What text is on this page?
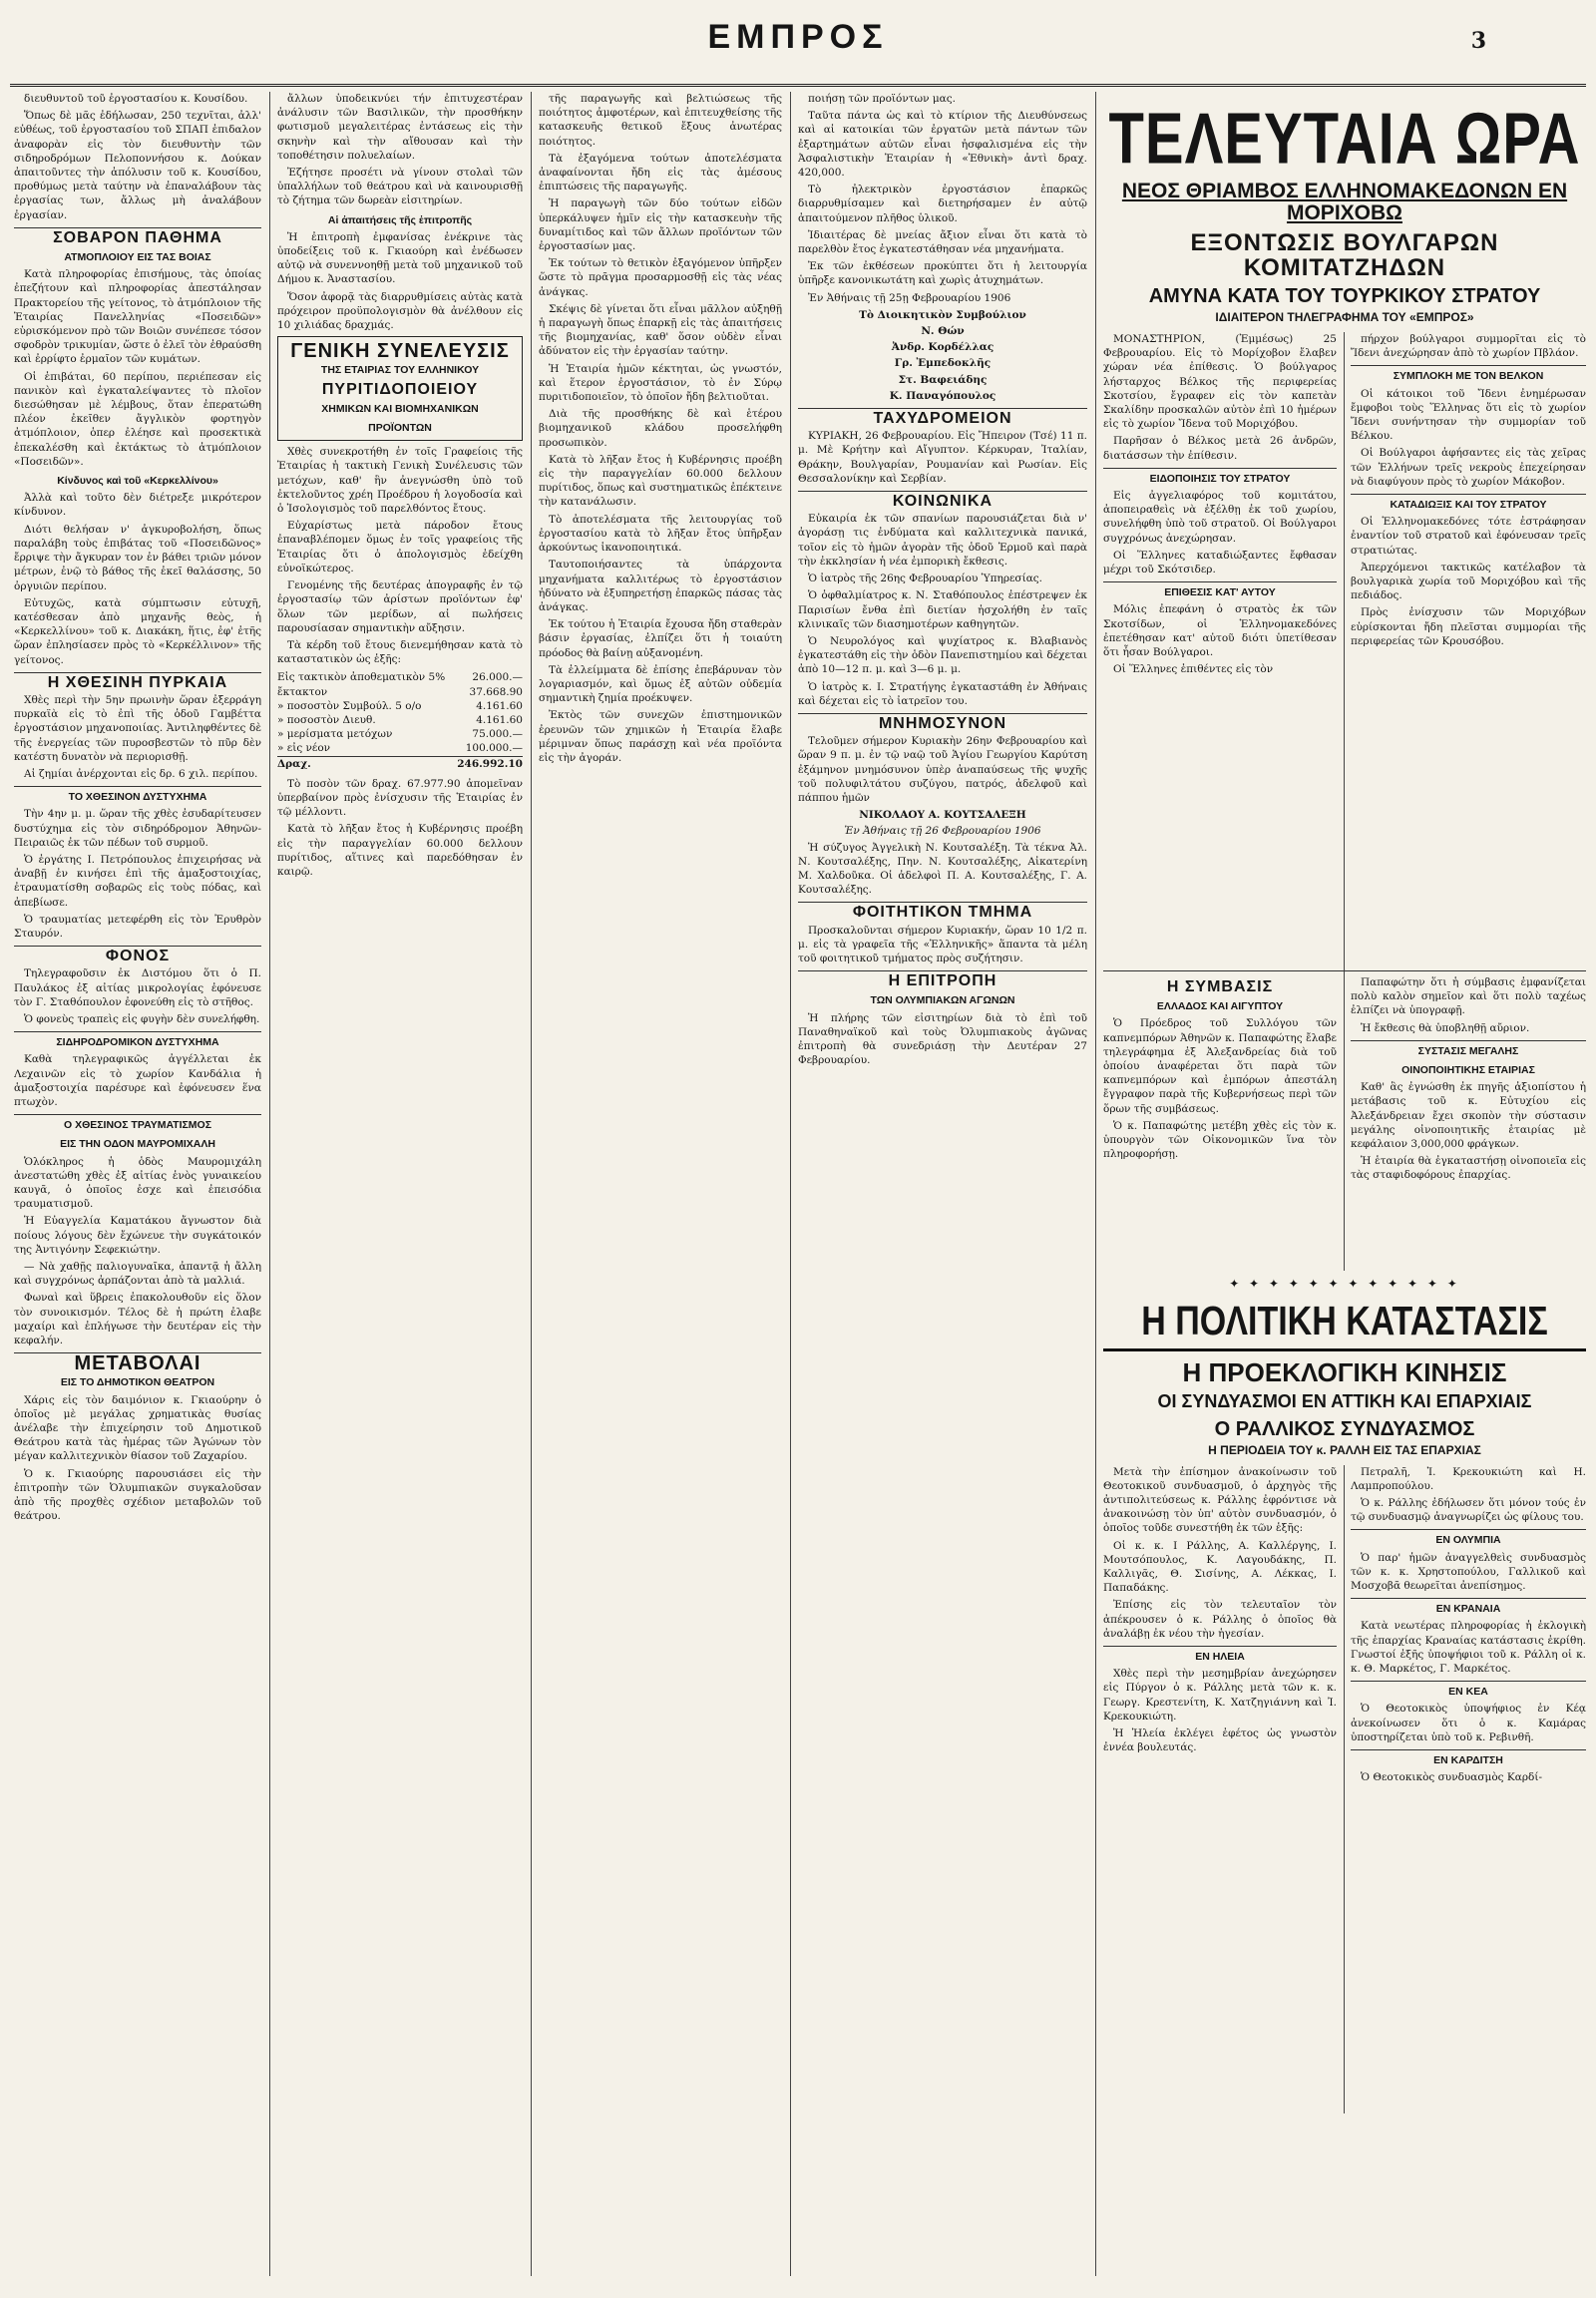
ΕΜΠΡΟΣ	3

διευθυντοῦ τοῦ ἐργοστασίου κ. Κουσίδου.

Ὅπως δὲ μᾶς ἐδήλωσαν, 250 τεχνῖται, ἀλλ' εὐθέως, τοῦ ἐργοστασίου τοῦ ΣΠΑΠ ἐπιδαλον ἀναφορὰν εἰς τὸν διευθυντὴν τῶν σιδηροδρόμων Πελοποννήσου κ. Δούκαν ἀπαιτοῦντες τὴν ἀπόλυσιν τοῦ κ. Κουσίδου, προθύμως μετὰ ταύτην νὰ ἐπαναλάβουν τὰς ἐργασίας των, ἄλλως μὴ ἀναλάβουν ἐργασίαν.

ΣΟΒΑΡΟΝ ΠΑΘΗΜΑ
ΑΤΜΟΠΛΟΙΟΥ ΕΙΣ ΤΑΣ ΒΟΙΑΣ

Κατὰ πληροφορίας ἐπισήμους, τὰς ὁποίας ἐπεζήτουν καὶ πληροφορίας ἀπεστάλησαν Πρακτορείου τῆς γείτονος, τὸ ἀτμόπλοιον τῆς Ἑταιρίας Πανελληνίας «Ποσειδῶν» εὑρισκόμενον πρὸ τῶν Βοιῶν συνέπεσε τόσον σφοδρὸν τρικυμίαν, ὥστε ὁ ἐλεῖ τὸν ἐθραύσθη καὶ ἐρρίφτο ἐρμαῖον τῶν κυμάτων.

Οἱ ἐπιβάται, 60 περίπου, περιέπεσαν εἰς πανικὸν καὶ ἐγκαταλείψαντες τὸ πλοῖον διεσώθησαν μὲ λέμβους, ὅταν ἐπερατώθη πλέον ἐκεῖθεν ἄγγλικὸν φορτηγὸν ἀτμόπλοιον, ὁπερ ἐλέησε καὶ προσεκτικὰ ἐπεκαλέσθη καὶ ἐκτάκτως τὸ ἀτμόπλοιον «Ποσειδῶν».

Κίνδυνος καὶ τοῦ «Κερκελλίνου»

Ἀλλὰ καὶ τοῦτο δὲν διέτρεξε μικρότερον κίνδυνον.

Διότι θελήσαν ν' ἀγκυροβολήση, ὅπως παραλάβη τοὺς ἐπιβάτας τοῦ «Ποσειδῶνος» ἔρριψε τὴν ἄγκυραν τον ἐν βάθει τριῶν μόνον μέτρων, ἐνῷ τὸ βάθος τῆς ἐκεῖ θαλάσσης, 50 ὀργυιῶν περίπου.

Εὐτυχῶς, κατὰ σύμπτωσιν εὐτυχῆ, κατέσθεσαν ἀπὸ μηχανῆς θεὸς, ἡ «Κερκελλίνου» τοῦ κ. Διακάκη, ἥτις, ἐφ' ἐτῆς ὥραν ἐπλησίασεν πρὸς τὸ «Κερκέλλινον» τῆς γείτονος.

Η ΧΘΕΣΙΝΗ ΠΥΡΚΑΙΑ

Χθὲς περὶ τὴν 5ην πρωινὴν ὥραν ἐξερράγη πυρκαϊὰ εἰς τὸ ἐπὶ τῆς ὁδοῦ Γαμβέττα ἐργοστάσιον μηχανοποιίας. Ἀντιληφθέντες δὲ τῆς ἐνεργείας τῶν πυροσβεστῶν τὸ πῦρ δὲν κατέστη δυνατὸν νὰ περιορισθῇ.

Αἱ ζημίαι ἀνέρχονται εἰς δρ. 6 χιλ. περίπου.

ΤΟ ΧΘΕΣΙΝΟΝ ΔΥΣΤΥΧΗΜΑ

Τὴν 4ην μ. μ. ὥραν τῆς χθὲς ἐσυδαρίτευσεν δυστύχημα εἰς τὸν σιδηρόδρομον Ἀθηνῶν-Πειραιῶς ἐκ τῶν πέδων τοῦ συρμοῦ.

Ὁ ἐργάτης Ι. Πετρόπουλος ἐπιχειρήσας νὰ ἀναβῇ ἐν κινήσει ἐπὶ τῆς ἁμαξοστοιχίας, ἐτραυματίσθη σοβαρῶς εἰς τοὺς πόδας, καὶ ἀπεβίωσε.

Ὁ τραυματίας μετεφέρθη εἰς τὸν Ἐρυθρὸν Σταυρόν.

ΦΟΝΟΣ

Τηλεγραφοῦσιν ἐκ Διστόμου ὅτι ὁ Π. Παυλάκος ἐξ αἰτίας μικρολογίας ἐφόνευσε τὸν Γ. Σταθόπουλον ἐφονεύθη εἰς τὸ στῆθος.

Ὁ φονεὺς τραπεὶς εἰς φυγὴν δὲν συνελήφθη.

ΣΙΔΗΡΟΔΡΟΜΙΚΟΝ ΔΥΣΤΥΧΗΜΑ

Καθὰ τηλεγραφικῶς ἀγγέλλεται ἐκ Λεχαινῶν εἰς τὸ χωρίον Κανδάλια ἡ ἁμαξοστοιχία παρέσυρε καὶ ἐφόνευσεν ἕνα πτωχὸν.

Ο ΧΘΕΣΙΝΟΣ ΤΡΑΥΜΑΤΙΣΜΟΣ
ΕΙΣ ΤΗΝ ΟΔΟΝ ΜΑΥΡΟΜΙΧΑΛΗ

Ὁλόκληρος ἡ ὁδὸς Μαυρομιχάλη ἀνεστατώθη χθὲς ἐξ αἰτίας ἑνὸς γυναικείου καυγᾶ, ὁ ὁποῖος ἐσχε καὶ ἐπεισόδια τραυματισμοῦ.

Ἡ Εὐαγγελία Καματάκου ἄγνωστον διὰ ποίους λόγους δὲν ἔχώνευε τὴν συγκάτοικόν της Ἀντιγόνην Σεφεκιώτην.

— Νὰ χαθῇς παλιογυναῖκα, ἀπαντᾷ ἡ ἄλλη καὶ συγχρόνως ἀρπάζονται ἀπὸ τὰ μαλλιά.

Φωναὶ καὶ ὕβρεις ἐπακολουθοῦν εἰς ὅλον τὸν συνοικισμόν. Τέλος δὲ ἡ πρώτη ἐλαβε μαχαίρι καὶ ἐπλήγωσε τὴν δευτέραν εἰς τὴν κεφαλήν.

ΜΕΤΑΒΟΛΑΙ
ΕΙΣ ΤΟ ΔΗΜΟΤΙΚΟΝ ΘΕΑΤΡΟΝ

Χάρις εἰς τὸν δαιμόνιον κ. Γκιαούρην ὁ ὁποῖος μὲ μεγάλας χρηματικὰς θυσίας ἀνέλαβε τὴν ἐπιχείρησιν τοῦ Δημοτικοῦ Θεάτρου κατὰ τὰς ἡμέρας τῶν Ἀγώνων τὸν μέγαν καλλιτεχνικὸν θίασον τοῦ Ζαχαρίου.

Ὁ κ. Γκιαούρης παρουσιάσει εἰς τὴν ἐπιτροπὴν τῶν Ὀλυμπιακῶν συγκαλοῦσαν ἀπὸ τῆς προχθὲς σχέδιον μεταβολῶν τοῦ θεάτρου.

ἄλλων ὑποδεικνύει τήν ἐπιτυχεστέραν ἀνάλυσιν τῶν Βασιλικῶν, τὴν προσθήκην φωτισμοῦ μεγαλειτέρας ἐντάσεως εἰς τὴν σκηνὴν καὶ τὴν αἴθουσαν καὶ τὴν τοποθέτησιν πολυελαίων.

Ἐζήτησε προσέτι νὰ γίνουν στολαὶ τῶν ὑπαλλήλων τοῦ θεάτρου καὶ νὰ καινουρισθῇ τὸ ζήτημα τῶν δωρεὰν εἰσιτηρίων.

Αἱ ἀπαιτήσεις τῆς ἐπιτροπῆς

Ἡ ἐπιτροπὴ ἐμφανίσας ἐνέκρινε τὰς ὑποδείξεις τοῦ κ. Γκιαούρη καὶ ἐνέδωσεν αὐτῷ νὰ συνεννοηθῇ μετὰ τοῦ μηχανικοῦ τοῦ Δήμου κ. Ἀναστασίου.

Ὅσον ἀφορᾷ τὰς διαρρυθμίσεις αὐτὰς κατὰ πρόχειρον προϋπολογισμὸν θὰ ἀνέλθουν εἰς 10 χιλιάδας δραχμάς.

ΓΕΝΙΚΗ ΣΥΝΕΛΕΥΣΙΣ
ΤΗΣ ΕΤΑΙΡΙΑΣ ΤΟΥ ΕΛΛΗΝΙΚΟΥ
ΠΥΡΙΤΙΔΟΠΟΙΕΙΟΥ
ΧΗΜΙΚΩΝ ΚΑΙ ΒΙΟΜΗΧΑΝΙΚΩΝ
ΠΡΟΪΟΝΤΩΝ

Χθὲς συνεκροτήθη ἐν τοῖς Γραφείοις τῆς Ἑταιρίας ἡ τακτικὴ Γενικὴ Συνέλευσις τῶν μετόχων, καθ' ἣν ἀνεγνώσθη ὑπὸ τοῦ ἐκτελοῦντος χρέη Προέδρου ἡ λογοδοσία καὶ ὁ Ἰσολογισμὸς τοῦ παρελθόντος ἔτους.

Εὐχαρίστως μετὰ πάροδον ἔτους ἐπαναβλέπομεν ὅμως ἐν τοῖς γραφείοις τῆς Ἑταιρίας ὅτι ὁ ἀπολογισμὸς ἐδείχθη εὐνοϊκώτερος.

Γενομένης τῆς δευτέρας ἀπογραφῆς ἐν τῷ ἐργοστασίῳ τῶν ἀρίστων προϊόντων ἐφ' ὅλων τῶν μερίδων, αἱ πωλήσεις παρουσίασαν σημαντικὴν αὔξησιν.

Τὰ κέρδη τοῦ ἔτους διενεμήθησαν κατὰ τὸ καταστατικὸν ὡς ἑξῆς:

Εἰς τακτικὸν ἀποθεματικὸν 5%	26.000.—
ἔκτακτον	37.668.90
» ποσοστὸν Συμβούλ. 5 ο/ο	4.161.60
» ποσοστὸν Διευθ.	4.161.60
» μερίσματα μετόχων	75.000.—
» εἰς νέον	100.000.—
Δραχ.	246.992.10

Τὸ ποσὸν τῶν δραχ. 67.977.90 ἀπομεῖναν ὑπερβαίνον πρὸς ἐνίσχυσιν τῆς Ἑταιρίας ἐν τῷ μέλλοντι.

Κατὰ τὸ λῆξαν ἔτος ἡ Κυβέρνησις προέβη εἰς τὴν παραγγελίαν 60.000 δελλουν πυρίτιδος, αἵτινες καὶ παρεδόθησαν ἐν καιρῷ.

τῆς παραγωγῆς καὶ βελτιώσεως τῆς ποιότητος ἀμφοτέρων, καὶ ἐπιτευχθείσης τῆς κατασκευῆς θετικοῦ ἔξους ἀνωτέρας ποιότητος.

Τὰ ἐξαγόμενα τούτων ἀποτελέσματα ἀναφαίνονται ἤδη εἰς τὰς ἀμέσους ἐπιπτώσεις τῆς παραγωγῆς.

Ἡ παραγωγὴ τῶν δύο τούτων εἰδῶν ὑπερκάλυψεν ἡμῖν εἰς τὴν κατασκευὴν τῆς δυναμίτιδος καὶ τῶν ἄλλων προϊόντων τῶν ἐργοστασίων μας.

Ἐκ τούτων τὸ θετικὸν ἐξαγόμενον ὑπῆρξεν ὥστε τὸ πρᾶγμα προσαρμοσθῇ εἰς τὰς νέας ἀνάγκας.

Σκέψις δὲ γίνεται ὅτι εἶναι μᾶλλον αὐξηθῇ ἡ παραγωγὴ ὅπως ἐπαρκῇ εἰς τὰς ἀπαιτήσεις τῆς βιομηχανίας, καθ' ὅσον οὐδὲν εἶναι ἀδύνατον εἰς τὴν ἐργασίαν ταύτην.

Ἡ Ἑταιρία ἡμῶν κέκτηται, ὡς γνωστόν, καὶ ἕτερον ἐργοστάσιον, τὸ ἐν Σύρῳ πυριτιδοποιεῖον, τὸ ὁποῖον ἤδη βελτιοῦται.

Διὰ τῆς προσθήκης δὲ καὶ ἑτέρου βιομηχανικοῦ κλάδου προσελήφθη προσωπικὸν.

Κατὰ τὸ λῆξαν ἔτος ἡ Κυβέρνησις προέβη εἰς τὴν παραγγελίαν 60.000 δελλουν πυρίτιδος, ὅπως καὶ συστηματικῶς ἐπέκτεινε τὴν κατανάλωσιν.

Τὸ ἀποτελέσματα τῆς λειτουργίας τοῦ ἐργοστασίου κατὰ τὸ λῆξαν ἔτος ὑπῆρξαν ἀρκούντως ἱκανοποιητικά.

Ταυτοποιήσαντες τὰ ὑπάρχοντα μηχανήματα καλλιτέρως τὸ ἐργοστάσιον ἠδύνατο νὰ ἐξυπηρετήσῃ ἐπαρκῶς πάσας τὰς ἀνάγκας.

Ἐκ τούτου ἡ Ἑταιρία ἔχουσα ἤδη σταθερὰν βάσιν ἐργασίας, ἐλπίζει ὅτι ἡ τοιαύτη πρόοδος θὰ βαίνῃ αὐξανομένη.

Τὰ ἐλλείμματα δὲ ἐπίσης ἐπεβάρυναν τὸν λογαριασμόν, καὶ ὅμως ἐξ αὐτῶν οὐδεμία σημαντικὴ ζημία προέκυψεν.

Ἐκτὸς τῶν συνεχῶν ἐπιστημονικῶν ἐρευνῶν τῶν χημικῶν ἡ Ἑταιρία ἔλαβε μέριμναν ὅπως παράσχῃ καὶ νέα προϊόντα εἰς τὴν ἀγοράν.

ποιήσῃ τῶν προϊόντων μας.

Ταῦτα πάντα ὡς καὶ τὸ κτίριον τῆς Διευθύνσεως καὶ αἱ κατοικίαι τῶν ἐργατῶν μετὰ πάντων τῶν ἐξαρτημάτων αὐτῶν εἶναι ἠσφαλισμένα εἰς τὴν Ἀσφαλιστικὴν Ἑταιρίαν ἡ «Ἐθνικὴ» ἀντὶ δραχ. 420,000.

Τὸ ἠλεκτρικὸν ἐργοστάσιον ἐπαρκῶς διαρρυθμίσαμεν καὶ διετηρήσαμεν ἐν αὐτῷ ἀπαιτούμενον πλῆθος ὑλικοῦ.

Ἰδιαιτέρας δὲ μνείας ἄξιον εἶναι ὅτι κατὰ τὸ παρελθὸν ἔτος ἐγκατεστάθησαν νέα μηχανήματα.

Ἐκ τῶν ἐκθέσεων προκύπτει ὅτι ἡ λειτουργία ὑπῆρξε κανονικωτάτη καὶ χωρὶς ἀτυχημάτων.

Ἐν Ἀθήναις τῇ 25ῃ Φεβρουαρίου 1906

Τὸ Διοικητικὸν Συμβούλιον
Ν. Θών
Ἀνδρ. Κορδέλλας
Γρ. Ἐμπεδοκλῆς
Στ. Βαφειάδης
Κ. Παναγόπουλος
ΤΑΧΥΔΡΟΜΕΙΟΝ

ΚΥΡΙΑΚΗ, 26 Φεβρουαρίου. Εἰς Ἤπειρον (Τσέ) 11 π. μ. Μὲ Κρήτην καὶ Αἴγυπτον. Κέρκυραν, Ἰταλίαν, Θράκην, Βουλγαρίαν, Ρουμανίαν καὶ Ρωσίαν. Εἰς Θεσσαλονίκην καὶ Σερβίαν.

ΚΟΙΝΩΝΙΚΑ

Εὐκαιρία ἐκ τῶν σπανίων παρουσιάζεται διὰ ν' ἀγοράσῃ τις ἐνδύματα καὶ καλλιτεχνικὰ πανικά, τοῖον εἰς τὸ ἡμῶν ἀγορὰν τῆς ὁδοῦ Ἑρμοῦ καὶ παρὰ τὴν ἐκκλησίαν ἡ νέα ἐμπορικὴ ἔκθεσις.

Ὁ ἰατρὸς τῆς 26ης Φεβρουαρίου Ὑπηρεσίας.

Ὁ ὀφθαλμίατρος κ. Ν. Σταθόπουλος ἐπέστρεψεν ἐκ Παρισίων ἔνθα ἐπὶ διετίαν ἠσχολήθη ἐν ταῖς κλινικαῖς τῶν διασημοτέρων καθηγητῶν.

Ὁ Νευρολόγος καὶ ψυχίατρος κ. Βλαβιανὸς ἐγκατεστάθη εἰς τὴν ὁδὸν Πανεπιστημίου καὶ δέχεται ἀπὸ 10—12 π. μ. καὶ 3—6 μ. μ.

Ὁ ἰατρὸς κ. Ι. Στρατήγης ἐγκαταστάθη ἐν Ἀθήναις καὶ δέχεται εἰς τὸ ἰατρεῖον του.

ΜΝΗΜΟΣΥΝΟΝ

Τελοῦμεν σήμερον Κυριακὴν 26ην Φεβρουαρίου καὶ ὥραν 9 π. μ. ἐν τῷ ναῷ τοῦ Ἁγίου Γεωργίου Καρύτση ἐξάμηνον μνημόσυνον ὑπὲρ ἀναπαύσεως τῆς ψυχῆς τοῦ πολυφιλτάτου συζύγου, πατρός, ἀδελφοῦ καὶ πάππου ἡμῶν

ΝΙΚΟΛΑΟΥ Α. ΚΟΥΤΣΑΛΕΞΗ
Ἐν Ἀθήναις τῇ 26 Φεβρουαρίου 1906

Ἡ σύζυγος Ἀγγελικὴ Ν. Κουτσαλέξη. Τὰ τέκνα Ἀλ. Ν. Κουτσαλέξης, Πην. Ν. Κουτσαλέξης, Αἰκατερίνη Μ. Χαλδοῦκα. Οἱ ἀδελφοὶ Π. Α. Κουτσαλέξης, Γ. Α. Κουτσαλέξης.

ΦΟΙΤΗΤΙΚΟΝ ΤΜΗΜΑ

Προσκαλοῦνται σήμερον Κυριακήν, ὥραν 10 1/2 π. μ. εἰς τὰ γραφεῖα τῆς «Ἑλληνικῆς» ἅπαντα τὰ μέλη τοῦ φοιτητικοῦ τμήματος πρὸς συζήτησιν.

Η ΕΠΙΤΡΟΠΗ
ΤΩΝ ΟΛΥΜΠΙΑΚΩΝ ΑΓΩΝΩΝ

Ἡ πλήρης τῶν εἰσιτηρίων διὰ τὸ ἐπὶ τοῦ Παναθηναϊκοῦ καὶ τοὺς Ὀλυμπιακοὺς ἀγῶνας ἐπιτροπὴ θὰ συνεδριάσῃ τὴν Δευτέραν 27 Φεβρουαρίου.

ΤΕΛΕΥΤΑΙΑ ΩΡΑ
ΝΕΟΣ ΘΡΙΑΜΒΟΣ ΕΛΛΗΝΟΜΑΚΕΔΟΝΩΝ ΕΝ ΜΟΡΙΧΟΒΩ
ΕΞΟΝΤΩΣΙΣ ΒΟΥΛΓΑΡΩΝ ΚΟΜΙΤΑΤΖΗΔΩΝ
ΑΜΥΝΑ ΚΑΤΑ ΤΟΥ ΤΟΥΡΚΙΚΟΥ ΣΤΡΑΤΟΥ
ΙΔΙΑΙΤΕΡΟΝ ΤΗΛΕΓΡΑΦΗΜΑ ΤΟΥ «ΕΜΠΡΟΣ»

ΜΟΝΑΣΤΗΡΙΟΝ, (Ἐμμέσως) 25 Φεβρουαρίου. Εἰς τὸ Μορίχοβον ἔλαβεν χώραν νέα ἐπίθεσις. Ὁ βούλγαρος λήσταρχος Βέλκος τῆς περιφερείας Σκοτσίου, ἔγραφεν εἰς τὸν καπετὰν Σκαλίδην προσκαλῶν αὐτὸν ἐπὶ 10 ἡμέρων εἰς τὸ χωρίον Ἴδενα τοῦ Μοριχόβου.

Παρῆσαν ὁ Βέλκος μετὰ 26 ἀνδρῶν, διατάσσων τὴν ἐπίθεσιν.

ΕΙΔΟΠΟΙΗΣΙΣ ΤΟΥ ΣΤΡΑΤΟΥ

Εἰς ἀγγελιαφόρος τοῦ κομιτάτου, ἀποπειραθεὶς νὰ ἐξέλθῃ ἐκ τοῦ χωρίου, συνελήφθη ὑπὸ τοῦ στρατοῦ. Οἱ Βούλγαροι συγχρόνως ἀνεχώρησαν.

Οἱ Ἕλληνες καταδιώξαντες ἔφθασαν μέχρι τοῦ Σκότσιδερ.

ΕΠΙΘΕΣΙΣ ΚΑΤ' ΑΥΤΟΥ

Μόλις ἐπεφάνη ὁ στρατὸς ἐκ τῶν Σκοτσίδων, οἱ Ἑλληνομακεδόνες ἐπετέθησαν κατ' αὐτοῦ διότι ὑπετίθεσαν ὅτι ἦσαν Βούλγαροι.

Οἱ Ἕλληνες ἐπιθέντες εἰς τὸν

πήρχον βούλγαροι συμμορῖται εἰς τὸ Ἴδενι ἀνεχώρησαν ἀπὸ τὸ χωρίον Πβλάον.

ΣΥΜΠΛΟΚΗ ΜΕ ΤΟΝ ΒΕΛΚΟΝ

Οἱ κάτοικοι τοῦ Ἴδενι ἐνημέρωσαν ἔμφοβοι τοὺς Ἕλληνας ὅτι εἰς τὸ χωρίον Ἴδενι συνήντησαν τὴν συμμορίαν τοῦ Βέλκου.

Οἱ Βούλγαροι ἀφήσαντες εἰς τὰς χεῖρας τῶν Ἑλλήνων τρεῖς νεκροὺς ἐπεχείρησαν νὰ διαφύγουν πρὸς τὸ χωρίον Μάκοβον.

ΚΑΤΑΔΙΩΞΙΣ ΚΑΙ ΤΟΥ ΣΤΡΑΤΟΥ

Οἱ Ἑλληνομακεδόνες τότε ἐστράφησαν ἐναντίον τοῦ στρατοῦ καὶ ἐφόνευσαν τρεῖς στρατιώτας.

Ἀπερχόμενοι τακτικῶς κατέλαβον τὰ βουλγαρικὰ χωρία τοῦ Μοριχόβου καὶ τῆς πεδιάδος.

Πρὸς ἐνίσχυσιν τῶν Μοριχόβων εὑρίσκονται ἤδη πλεῖσται συμμορίαι τῆς περιφερείας τῶν Κρουσόβου.

Η ΣΥΜΒΑΣΙΣ
ΕΛΛΑΔΟΣ ΚΑΙ ΑΙΓΥΠΤΟΥ

Ὁ Πρόεδρος τοῦ Συλλόγου τῶν καπνεμπόρων Ἀθηνῶν κ. Παπαφώτης ἔλαβε τηλεγράφημα ἐξ Ἀλεξανδρείας διὰ τοῦ ὁποίου ἀναφέρεται ὅτι παρὰ τῶν καπνεμπόρων καὶ ἐμπόρων ἀπεστάλη ἔγγραφον παρὰ τῆς Κυβερνήσεως περὶ τῶν ὅρων τῆς συμβάσεως.

Ὁ κ. Παπαφώτης μετέβη χθὲς εἰς τὸν κ. ὑπουργὸν τῶν Οἰκονομικῶν ἵνα τὸν πληροφορήσῃ.

Παπαφώτην ὅτι ἡ σύμβασις ἐμφανίζεται πολὺ καλὸν σημεῖον καὶ ὅτι πολὺ ταχέως ἐλπίζει νὰ ὑπογραφῇ.

Ἡ ἔκθεσις θὰ ὑποβληθῇ αὔριον.

ΣΥΣΤΑΣΙΣ ΜΕΓΑΛΗΣ
ΟΙΝΟΠΟΙΗΤΙΚΗΣ ΕΤΑΙΡΙΑΣ

Καθ' ἃς ἐγνώσθη ἐκ πηγῆς ἀξιοπίστου ἡ μετάβασις τοῦ κ. Εὐτυχίου εἰς Ἀλεξάνδρειαν ἔχει σκοπὸν τὴν σύστασιν μεγάλης οἰνοποιητικῆς ἑταιρίας μὲ κεφάλαιον 3,000,000 φράγκων.

Ἡ ἑταιρία θὰ ἐγκαταστήσῃ οἰνοποιεῖα εἰς τὰς σταφιδοφόρους ἐπαρχίας.

✦ ✦ ✦ ✦ ✦ ✦ ✦ ✦ ✦ ✦ ✦ ✦
Η ΠΟΛΙΤΙΚΗ ΚΑΤΑΣΤΑΣΙΣ
Η ΠΡΟΕΚΛΟΓΙΚΗ ΚΙΝΗΣΙΣ
ΟΙ ΣΥΝΔΥΑΣΜΟΙ ΕΝ ΑΤΤΙΚΗ ΚΑΙ ΕΠΑΡΧΙΑΙΣ
Ο ΡΑΛΛΙΚΟΣ ΣΥΝΔΥΑΣΜΟΣ
Η ΠΕΡΙΟΔΕΙΑ ΤΟΥ κ. ΡΑΛΛΗ ΕΙΣ ΤΑΣ ΕΠΑΡΧΙΑΣ

Μετὰ τὴν ἐπίσημον ἀνακοίνωσιν τοῦ Θεοτοκικοῦ συνδυασμοῦ, ὁ ἀρχηγὸς τῆς ἀντιπολιτεύσεως κ. Ράλλης ἐφρόντισε νὰ ἀνακοινώσῃ τὸν ὑπ' αὐτὸν συνδυασμόν, ὁ ὁποῖος τοῦδε συνεστήθη ἐκ τῶν ἑξῆς:

Οἱ κ. κ. Ι Ράλλης, Α. Καλλέργης, Ι. Μουτσόπουλος, Κ. Λαγουδάκης, Π. Καλλιγᾶς, Θ. Σισίνης, Α. Λέκκας, Ι. Παπαδάκης.

Ἐπίσης εἰς τὸν τελευταῖον τὸν ἀπέκρουσεν ὁ κ. Ράλλης ὁ ὁποῖος θὰ ἀναλάβῃ ἐκ νέου τὴν ἡγεσίαν.

ΕΝ ΗΛΕΙΑ

Χθὲς περὶ τὴν μεσημβρίαν ἀνεχώρησεν εἰς Πύργον ὁ κ. Ράλλης μετὰ τῶν κ. κ. Γεωργ. Κρεστενίτη, Κ. Χατζηγιάννη καὶ Ἰ. Κρεκουκιώτη.

Ἡ Ἠλεία ἐκλέγει ἐφέτος ὡς γνωστὸν ἐννέα βουλευτάς.

Πετραλῆ, Ἰ. Κρεκουκιώτη καὶ Η. Λαμπροπούλου.

Ὁ κ. Ράλλης ἐδήλωσεν ὅτι μόνον τούς ἐν τῷ συνδυασμῷ ἀναγνωρίζει ὡς φίλους του.

ΕΝ ΟΛΥΜΠΙΑ

Ὁ παρ' ἡμῶν ἀναγγελθεὶς συνδυασμὸς τῶν κ. κ. Χρηστοπούλου, Γαλλικοῦ καὶ Μοσχοβᾶ θεωρεῖται ἀνεπίσημος.

ΕΝ ΚΡΑΝΑΙΑ

Κατὰ νεωτέρας πληροφορίας ἡ ἐκλογικὴ τῆς ἐπαρχίας Κραναίας κατάστασις ἐκρίθη. Γνωστοί ἐξῆς ὑποψήφιοι τοῦ κ. Ράλλη οἱ κ. κ. Θ. Μαρκέτος, Γ. Μαρκέτος.

ΕΝ ΚΕΑ

Ὁ Θεοτοκικὸς ὑποψήφιος ἐν Κέᾳ ἀνεκοίνωσεν ὅτι ὁ κ. Καμάρας ὑποστηρίζεται ὑπὸ τοῦ κ. Ρεβινθῆ.

ΕΝ ΚΑΡΔΙΤΣΗ

Ὁ Θεοτοκικὸς συνδυασμὸς Καρδί-
